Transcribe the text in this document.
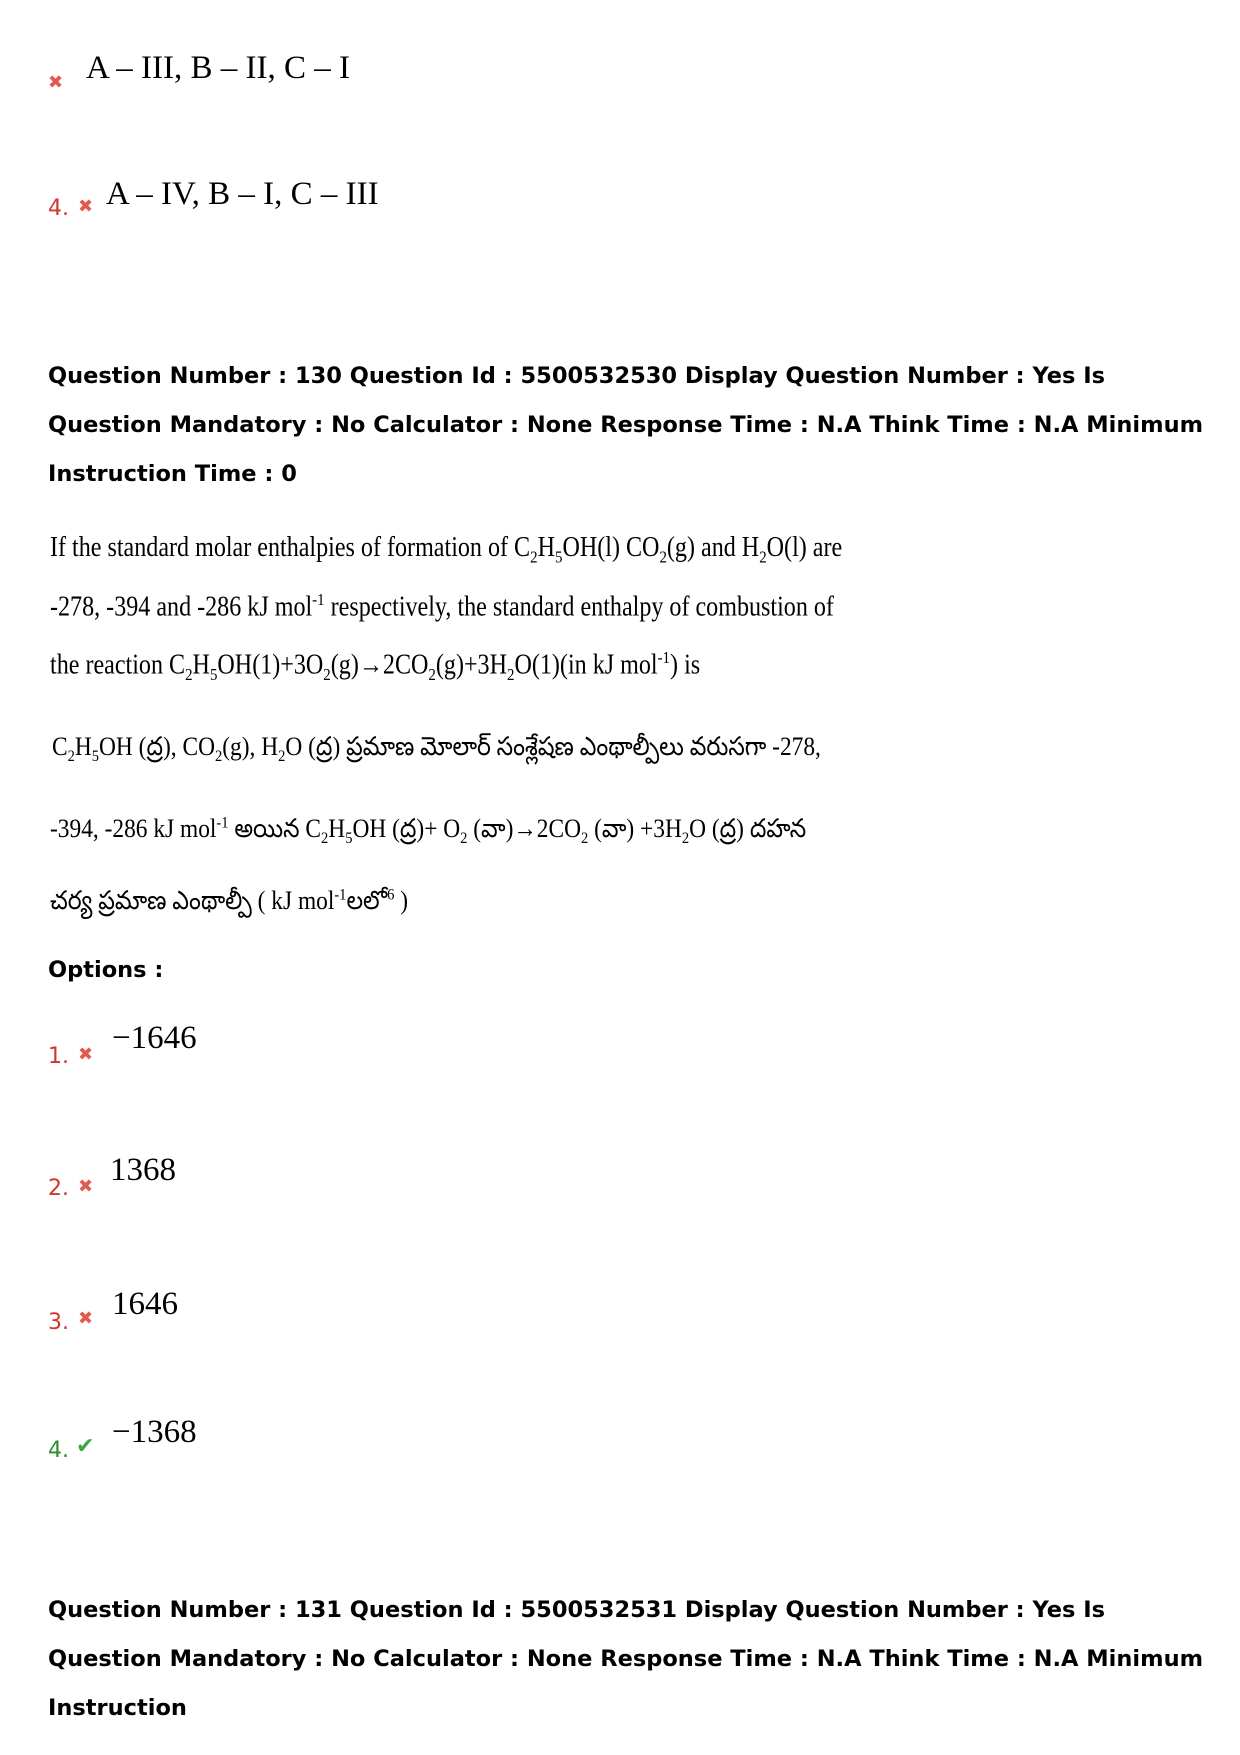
✖ A – III, B – II, C – I
4. ✖ A – IV, B – I, C – III
Question Number : 130 Question Id : 5500532530 Display Question Number : Yes Is Question Mandatory : No Calculator : None Response Time : N.A Think Time : N.A Minimum Instruction Time : 0
If the standard molar enthalpies of formation of $C_2H_5OH(l)$ $CO_2(g)$ and $H_2O(l)$ are
-278, -394 and -286 kJ mol$^{-1}$ respectively, the standard enthalpy of combustion of
the reaction $C_2H_5OH(1)+3O_2(g)\to 2CO_2(g)+3H_2O(1)(in$ kJ mol$^{-1}$) is
$C_2H_5OH$ (ద్ర), $CO_2(g)$, $H_2O$ (ద్ర) ప్రమాణ మోలార్ సంశ్లేషణ ఎంథాల్పీలు వరుసగా -278,
-394, -286 kJ mol$^{-1}$ అయిన $C_2H_5OH$ (ద్ర)+ $O_2$ $(వా)\to 2CO_2$ (వా) $+3H_2O$ (ద్ర) దహన
చర్య ప్రమాణ ఎంథాల్పీ ( kJ mol$^{-1}$లలో$^6$ )
Options :
1. ✖ −1646
2. ✖ 1368
3. ✖ 1646
4. ✔ −1368
Question Number : 131 Question Id : 5500532531 Display Question Number : Yes Is Question Mandatory : No Calculator : None Response Time : N.A Think Time : N.A Minimum Instruction
